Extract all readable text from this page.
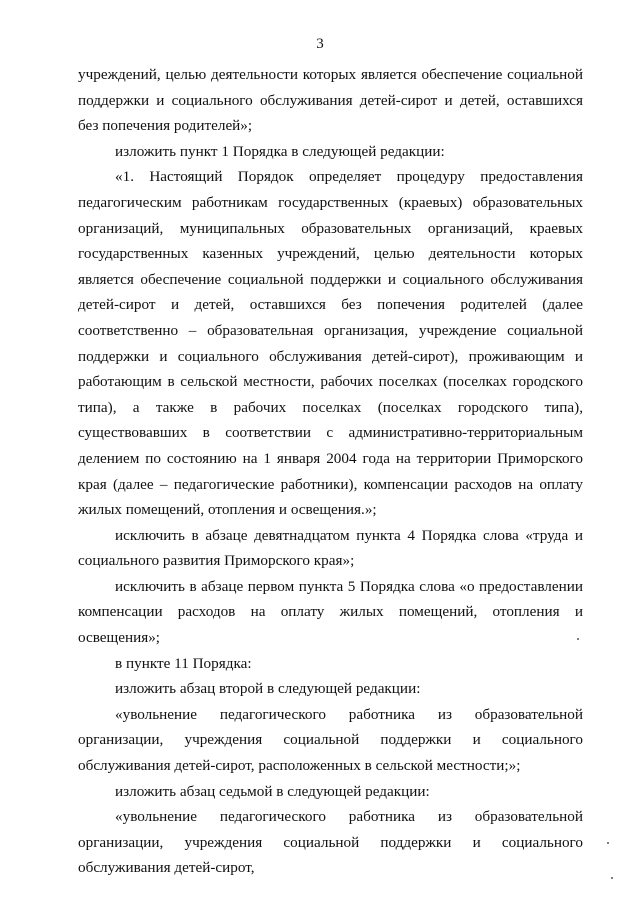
3

учреждений, целью деятельности которых является обеспечение социальной поддержки и социального обслуживания детей-сирот и детей, оставшихся без попечения родителей»;

изложить пункт 1 Порядка в следующей редакции:

«1. Настоящий Порядок определяет процедуру предоставления педагогическим работникам государственных (краевых) образовательных организаций, муниципальных образовательных организаций, краевых государственных казенных учреждений, целью деятельности которых является обеспечение социальной поддержки и социального обслуживания детей-сирот и детей, оставшихся без попечения родителей (далее соответственно – образовательная организация, учреждение социальной поддержки и социального обслуживания детей-сирот), проживающим и работающим в сельской местности, рабочих поселках (поселках городского типа), а также в рабочих поселках (поселках городского типа), существовавших в соответствии с административно-территориальным делением по состоянию на 1 января 2004 года на территории Приморского края (далее – педагогические работники), компенсации расходов на оплату жилых помещений, отопления и освещения.»;

исключить в абзаце девятнадцатом пункта 4 Порядка слова «труда и социального развития Приморского края»;

исключить в абзаце первом пункта 5 Порядка слова «о предоставлении компенсации расходов на оплату жилых помещений, отопления и освещения»;

в пункте 11 Порядка:

изложить абзац второй в следующей редакции:

«увольнение педагогического работника из образовательной организации, учреждения социальной поддержки и социального обслуживания детей-сирот, расположенных в сельской местности;»;

изложить абзац седьмой в следующей редакции:

«увольнение педагогического работника из образовательной организации, учреждения социальной поддержки и социального обслуживания детей-сирот,
